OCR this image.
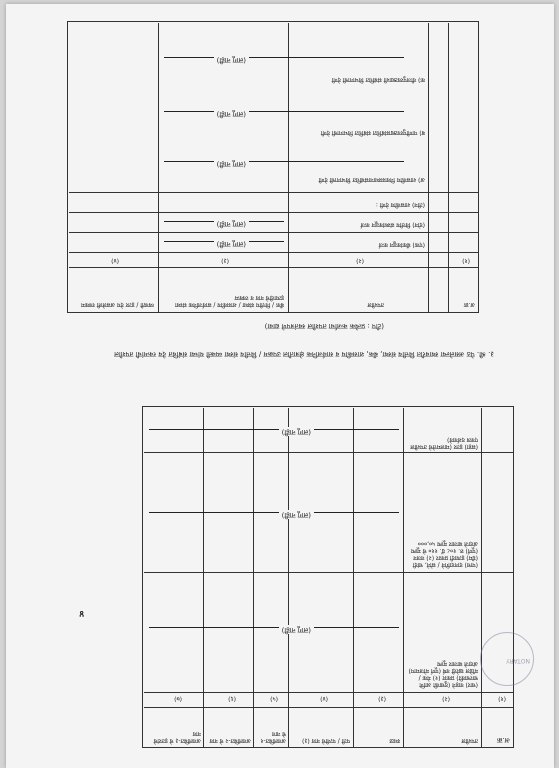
अ.क्र
तपशील
स्थळ
पती / पत्नीचे नाव (३)
अवलंबित-१ चे नाव
अवलंबित-२ चे नाव
अवलंबित-३ चे इतरांचे नाव
(१)
(२)
(३)
(४)
(५)
(६)
(७)
(चार) वाहने (दुचाकी आणि चारचाकी) प्रकार (१) मेक / मॉडेल खरेदी वर्ष (पूर्ण मोजमाप) अंदाजे बाजार मूल्य
(पाच) दागदागिने / सोने, चांदी (ग्रॅम) इत्यादी प्रकार (२) वजन (पूर्ण) रु. १०८ ग्रॅ. ११० चे मूल्य अंदाजे बाजार मूल्य ५०,०००
(सहा) इतर (मालमत्तेचे तपशील एकत्र दर्शवावे)
(लागू नाही)
(लागू नाही)
(लागू नाही)
NOTARY
४
३. श्री. पेठ असलेल्या स्थावरीत वित्तीय संस्था, बँक, शासकीय व सार्वजनिक क्षेत्रातील उपक्रम / वित्तीय संस्था व्यक्ती यांच्या संबंधित देय रकमांची तपशील
(टीप : प्रत्येक कर्जाचा तपशील स्वतंत्रपणे द्यावा)
अ.क्र
तपशील
बँक / वित्तीय संस्था / शासकीय / सार्वजनिक संस्था इत्यादीचे नाव व रक्कम
व्यक्ती / इतर देय असलेली रक्कम
(१)
(२)
(३)
(४)
(एक) बँकांकडून कर्ज
(लागू नाही)
(दोन) वित्तीय संस्थांकडून कर्ज
(लागू नाही)
(तीन) शासकीय देणी :
अ) शासकीय निवासस्थानासंबंधित विभागाची देणी
(लागू नाही)
ब) पाणीपुरवठ्यासंबंधित संबंधित विभागाची देणी
(लागू नाही)
क) वीजपुरवठ्याशी संबंधित विभागाची देणी
(लागू नाही)
